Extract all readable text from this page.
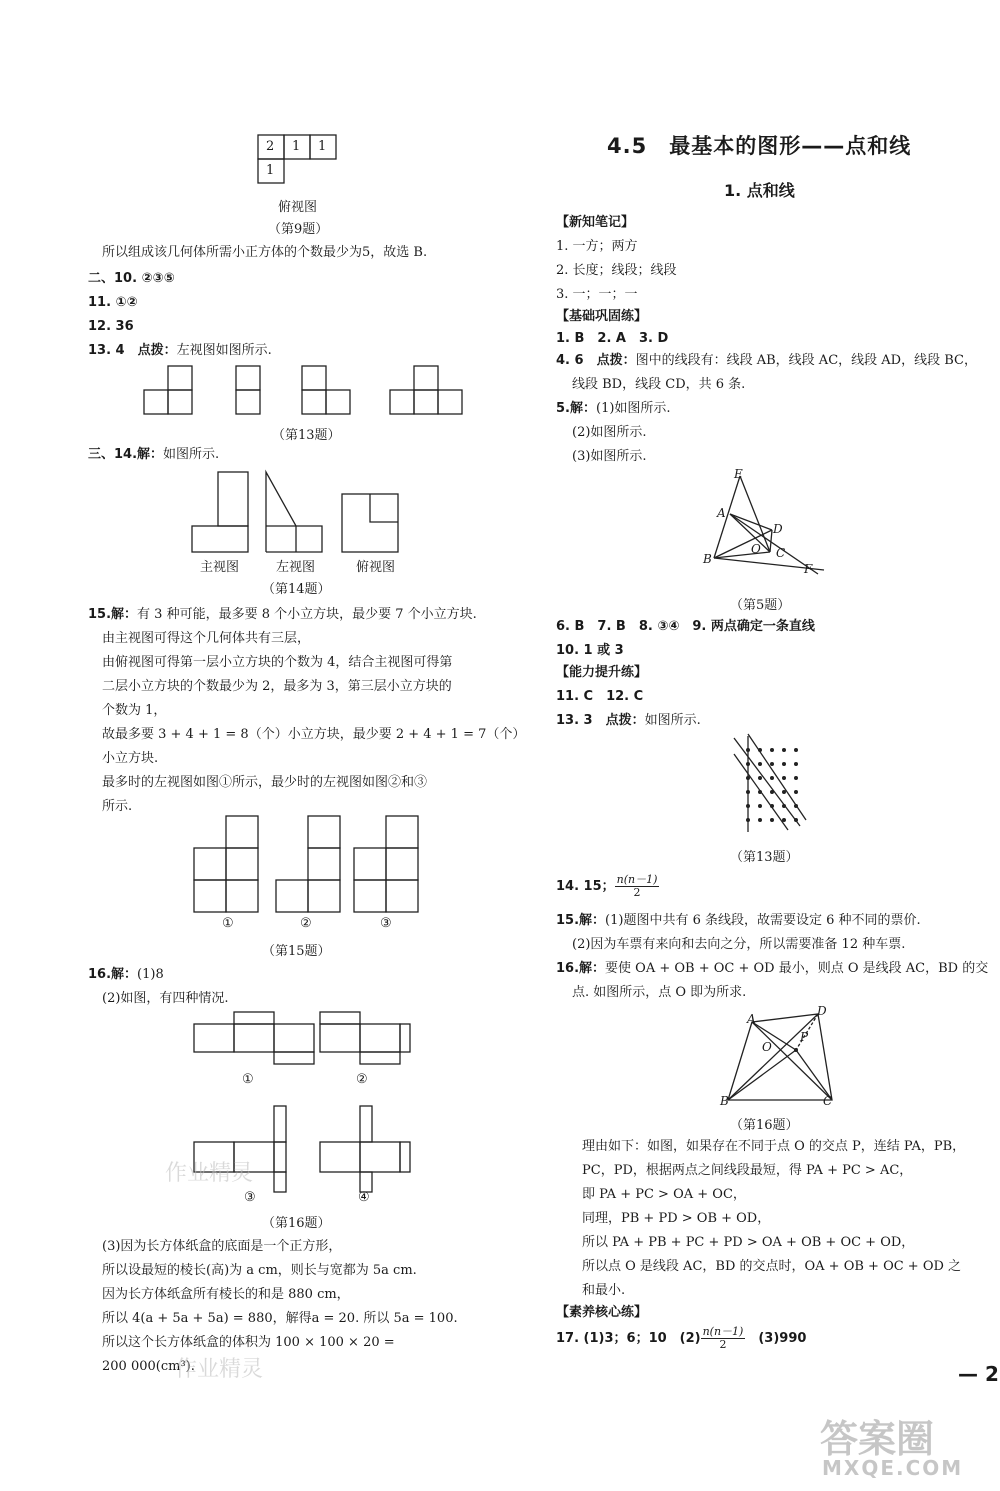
2 1 1
1
俯视图
（第9题）
所以组成该几何体所需小正方体的个数最少为5，故选 B.
二、10. ②③⑤
11. ①②
12. 36
13. 4　 点拨：左视图如图所示.
（第13题）
三、14.解：如图所示.
主视图	左视图	俯视图
（第14题）
15.解：有 3 种可能，最多要 8 个小立方块，最少要 7 个小立方块.
由主视图可得这个几何体共有三层，
由俯视图可得第一层小立方块的个数为 4，结合主视图可得第
二层小立方块的个数最少为 2，最多为 3，第三层小立方块的
个数为 1，
故最多要 3 + 4 + 1 = 8（个）小立方块，最少要 2 + 4 + 1 = 7（个）
小立方块.
最多时的左视图如图①所示，最少时的左视图如图②和③
所示.
①	②	③
（第15题）
16.解：(1)8
(2)如图，有四种情况.
①	②
③	④
（第16题）
(3)因为长方体纸盒的底面是一个正方形，
所以设最短的棱长(高)为 a cm，则长与宽都为 5a cm.
因为长方体纸盒所有棱长的和是 880 cm，
所以 4(a + 5a + 5a) = 880，解得a = 20. 所以 5a = 100.
所以这个长方体纸盒的体积为 100 × 100 × 20 =
200 000(cm³).
4.5　最基本的图形——点和线
1. 点和线
【新知笔记】
1. 一方；两方
2. 长度；线段；线段
3. 一；一；一
【基础巩固练】
1. B　2. A　3. D
4. 6　 点拨：图中的线段有：线段 AB，线段 AC，线段 AD，线段 BC，
线段 BD，线段 CD，共 6 条.
5.解：(1)如图所示.
(2)如图所示.
(3)如图所示.
E
A
D
O C
B
F
（第5题）
6. B　7. B　8. ③④　9. 两点确定一条直线
10. 1 或 3
【能力提升练】
11. C　12. C
13. 3　 点拨：如图所示.
（第13题）
14. 15； $\frac{n(n-1)}{2}$
15.解：(1)题图中共有 6 条线段，故需要设定 6 种不同的票价.
(2)因为车票有来向和去向之分，所以需要准备 12 种车票.
16.解：要使 OA + OB + OC + OD 最小，则点 O 是线段 AC，BD 的交
点. 如图所示，点 O 即为所求.
A
D
O
P
B	C
（第16题）
理由如下：如图，如果存在不同于点 O 的交点 P，连结 PA，PB，
PC，PD，根据两点之间线段最短，得 PA + PC > AC，
即 PA + PC > OA + OC，
同理，PB + PD > OB + OD，
所以 PA + PB + PC + PD > OA + OB + OC + OD，
所以点 O 是线段 AC，BD 的交点时，OA + OB + OC + OD 之
和最小.
【素养核心练】
17. (1)3；6；10　$(2) \frac{n(n-1)}{2}$ 　(3)990
— 2
答案圈
MXQE.COM
作业精灵
作业精灵
